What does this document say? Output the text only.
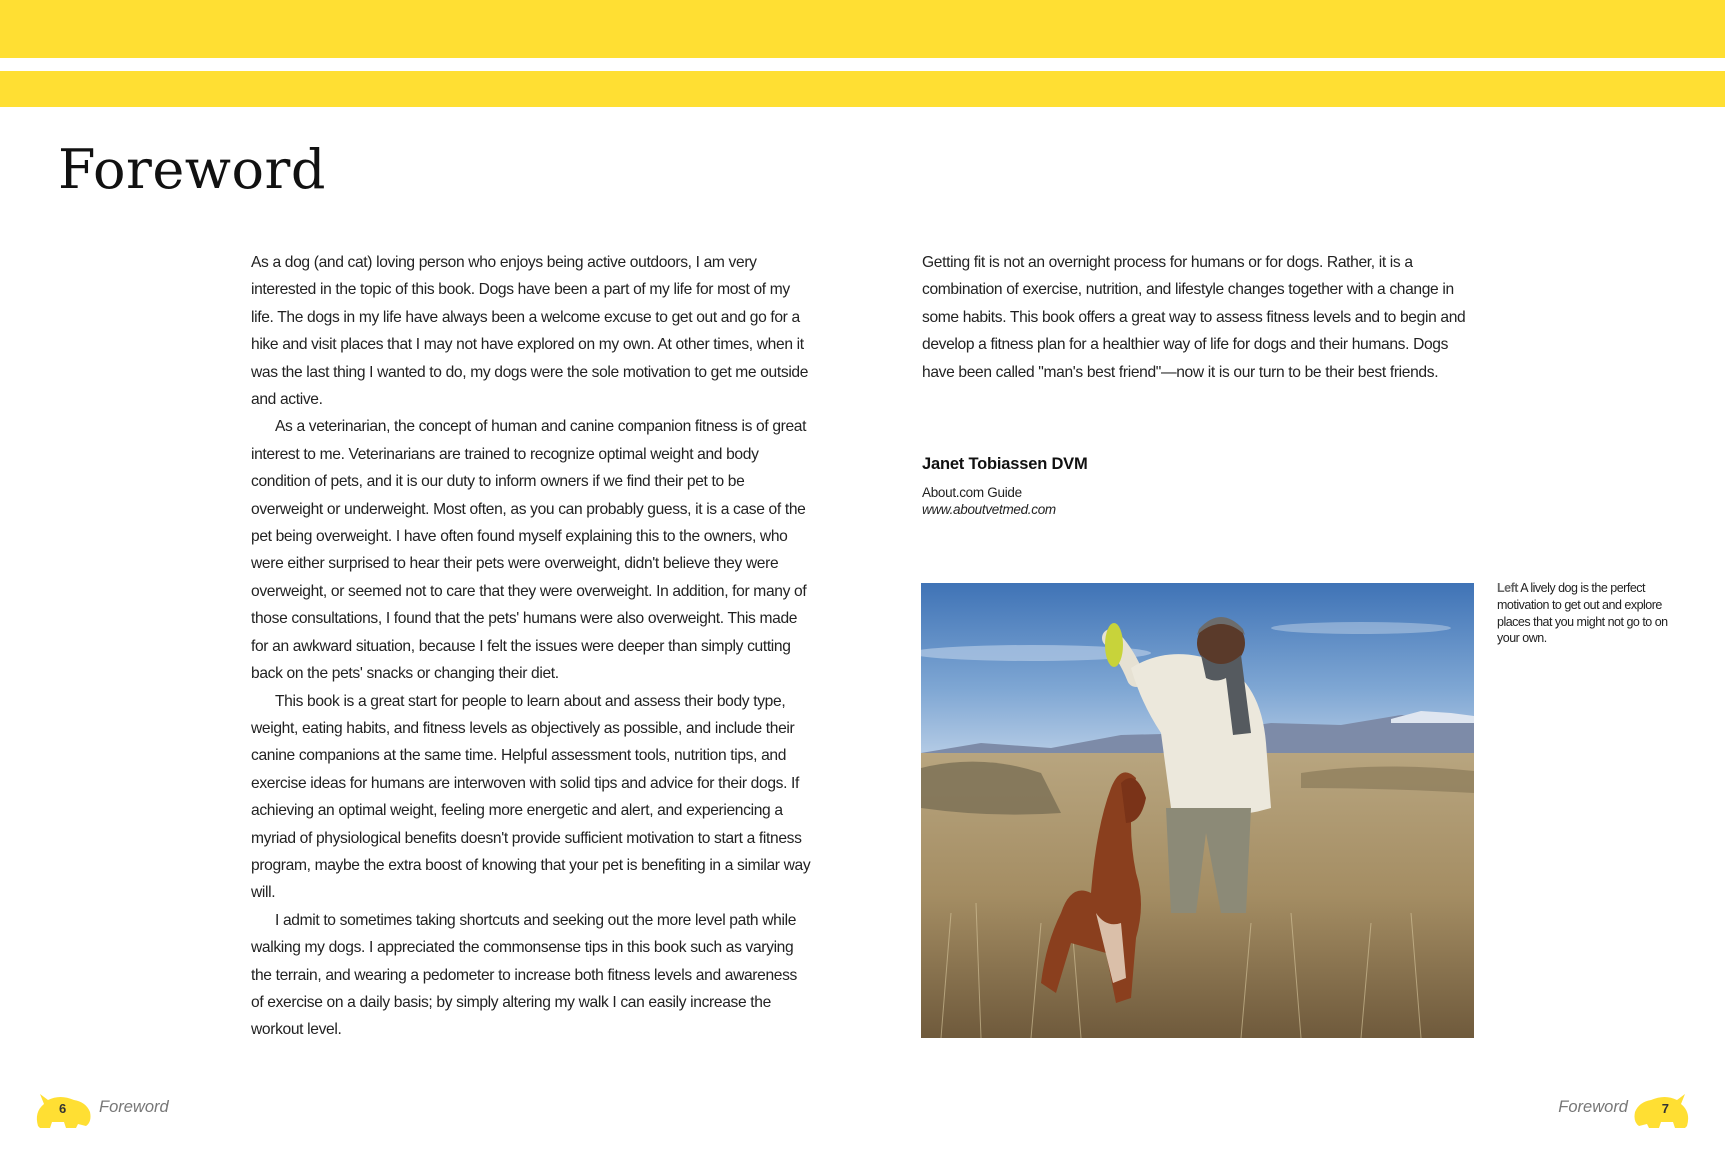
Foreword

As a dog (and cat) loving person who enjoys being active outdoors, I am very interested in the topic of this book. Dogs have been a part of my life for most of my life. The dogs in my life have always been a welcome excuse to get out and go for a hike and visit places that I may not have explored on my own. At other times, when it was the last thing I wanted to do, my dogs were the sole motivation to get me outside and active.

As a veterinarian, the concept of human and canine companion fitness is of great interest to me. Veterinarians are trained to recognize optimal weight and body condition of pets, and it is our duty to inform owners if we find their pet to be overweight or underweight. Most often, as you can probably guess, it is a case of the pet being overweight. I have often found myself explaining this to the owners, who were either surprised to hear their pets were overweight, didn't believe they were overweight, or seemed not to care that they were overweight. In addition, for many of those consultations, I found that the pets' humans were also overweight. This made for an awkward situation, because I felt the issues were deeper than simply cutting back on the pets' snacks or changing their diet.

This book is a great start for people to learn about and assess their body type, weight, eating habits, and fitness levels as objectively as possible, and include their canine companions at the same time. Helpful assessment tools, nutrition tips, and exercise ideas for humans are interwoven with solid tips and advice for their dogs. If achieving an optimal weight, feeling more energetic and alert, and experiencing a myriad of physiological benefits doesn't provide sufficient motivation to start a fitness program, maybe the extra boost of knowing that your pet is benefiting in a similar way will.

I admit to sometimes taking shortcuts and seeking out the more level path while walking my dogs. I appreciated the commonsense tips in this book such as varying the terrain, and wearing a pedometer to increase both fitness levels and awareness of exercise on a daily basis; by simply altering my walk I can easily increase the workout level.

Getting fit is not an overnight process for humans or for dogs. Rather, it is a combination of exercise, nutrition, and lifestyle changes together with a change in some habits. This book offers a great way to assess fitness levels and to begin and develop a fitness plan for a healthier way of life for dogs and their humans. Dogs have been called "man's best friend"—now it is our turn to be their best friends.

Janet Tobiassen DVM
About.com Guide
www.aboutvetmed.com
Left A lively dog is the perfect motivation to get out and explore places that you might not go to on your own.
6 Foreword	Foreword	7
